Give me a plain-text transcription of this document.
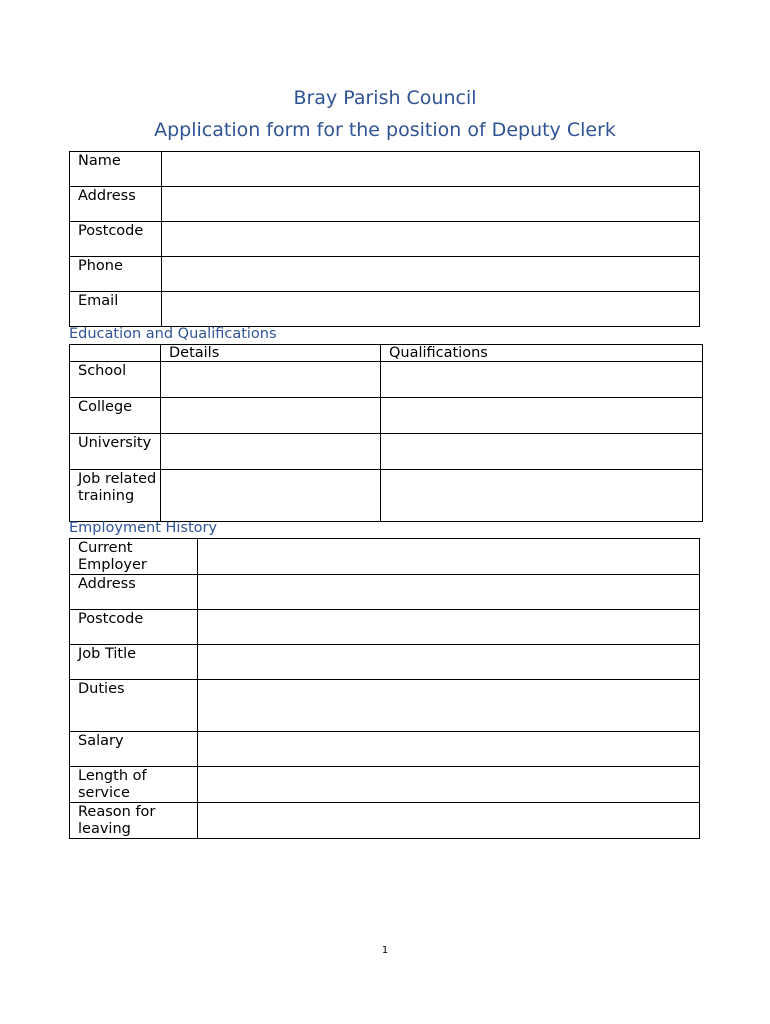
Bray Parish Council
Application form for the position of Deputy Clerk
Name	
Address	
Postcode	
Phone	
Email	
Education and Qualifications
	Details	Qualifications
School		
College		
University		
Job related training		
Employment History
Current Employer	
Address	
Postcode	
Job Title	
Duties	
Salary	
Length of service	
Reason for leaving	
1
